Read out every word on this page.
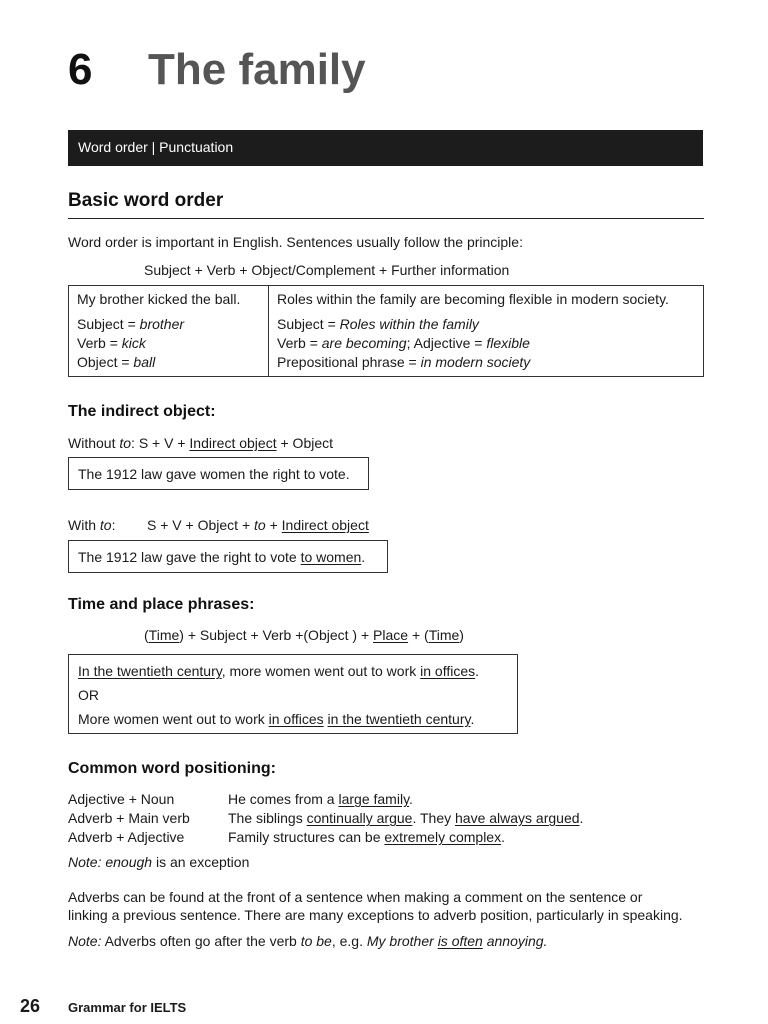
6 The family
Word order | Punctuation
Basic word order
Word order is important in English. Sentences usually follow the principle:
Subject + Verb + Object/Complement + Further information
My brother kicked the ball.
Subject = brother
Verb = kick
Object = ball

Roles within the family are becoming flexible in modern society.
Subject = Roles within the family
Verb = are becoming; Adjective = flexible
Prepositional phrase = in modern society
The indirect object:
Without to: S + V + Indirect object + Object
The 1912 law gave women the right to vote.
With to: S + V + Object + to + Indirect object
The 1912 law gave the right to vote to women.
Time and place phrases:
(Time) + Subject + Verb +(Object ) + Place + (Time)
In the twentieth century, more women went out to work in offices.
OR
More women went out to work in offices in the twentieth century.
Common word positioning:
Adjective + Noun	He comes from a large family.
Adverb + Main verb	The siblings continually argue. They have always argued.
Adverb + Adjective	Family structures can be extremely complex.
Note: enough is an exception
Adverbs can be found at the front of a sentence when making a comment on the sentence or
linking a previous sentence. There are many exceptions to adverb position, particularly in speaking.
Note: Adverbs often go after the verb to be, e.g. My brother is often annoying.
26 Grammar for IELTS
